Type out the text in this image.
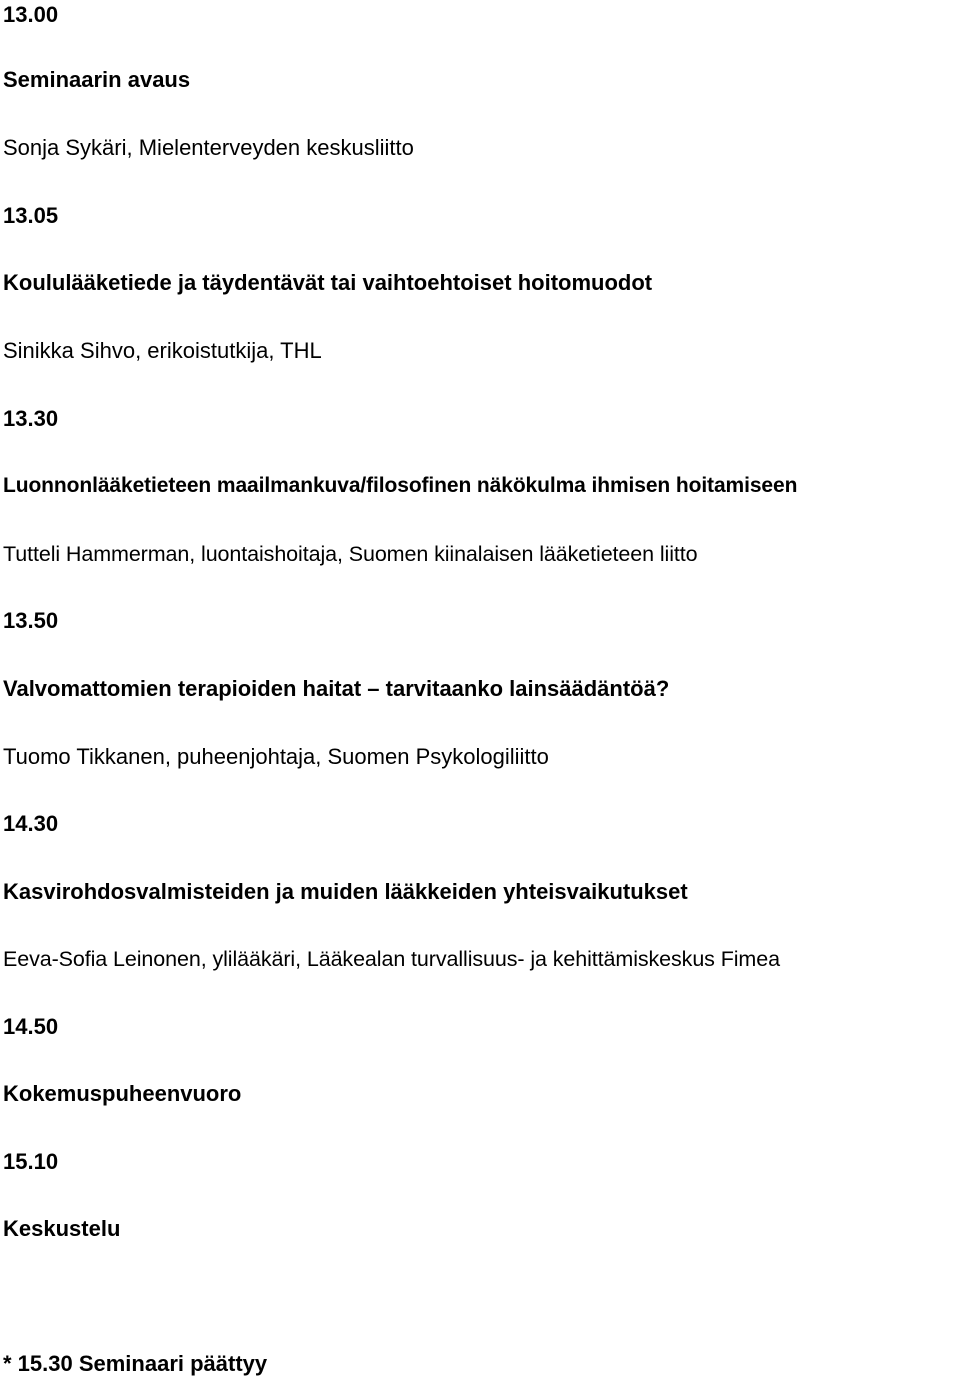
13.00
Seminaarin avaus
Sonja Sykäri, Mielenterveyden keskusliitto
13.05
Koululääketiede ja täydentävät tai vaihtoehtoiset hoitomuodot
Sinikka Sihvo, erikoistutkija, THL
13.30
Luonnonlääketieteen maailmankuva/filosofinen näkökulma ihmisen hoitamiseen
Tutteli Hammerman, luontaishoitaja, Suomen kiinalaisen lääketieteen liitto
13.50
Valvomattomien terapioiden haitat – tarvitaanko lainsäädäntöä?
Tuomo Tikkanen, puheenjohtaja, Suomen Psykologiliitto
14.30
Kasvirohdosvalmisteiden ja muiden lääkkeiden yhteisvaikutukset
Eeva-Sofia Leinonen, ylilääkäri, Lääkealan turvallisuus- ja kehittämiskeskus Fimea
14.50
Kokemuspuheenvuoro
15.10
Keskustelu
* 15.30 Seminaari päättyy
